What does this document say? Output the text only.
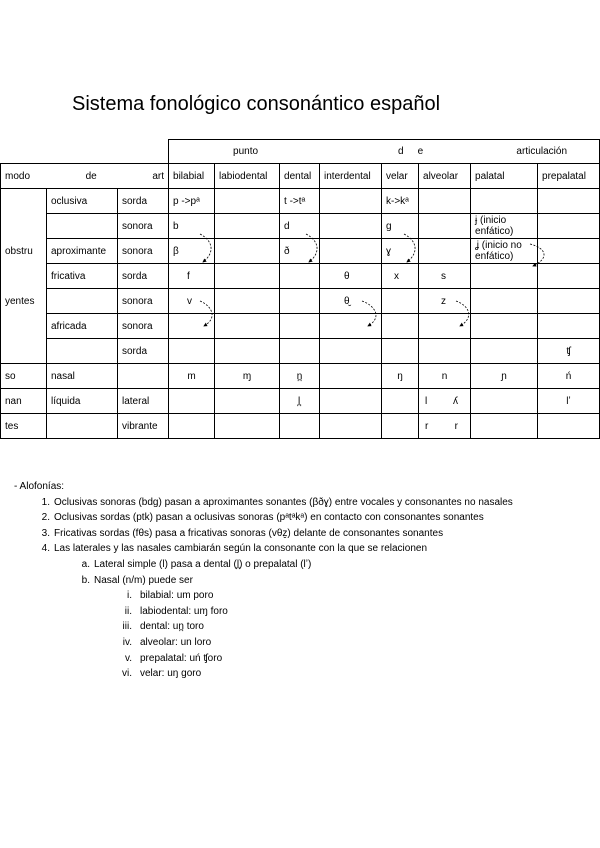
Sistema fonológico consonántico español

			punto d e articulación							

modo de art			bilabial	labiodental	dental	interdental	velar	alveolar	palatal	prepalatal
	oclusiva	sorda	p ->pᵃ		t ->tᵃ		k->kᵃ			
		sonora	b		d		g		ɉ (inicio enfático)	
obstru	aproximante	sonora	β		ð		ɣ		ʝ (inicio no enfático)	
	fricativa	sorda	f			θ	x	s		
yentes		sonora	v			θ̬		z		
	africada	sonora								
		sorda								ʧ
so	nasal		m	ɱ	n̪		ŋ	n	ɲ	ń
nan	líquida	lateral			l̪			l ʎ		lʼ
tes		vibrante						r r		

- Alofonías:
1. Oclusivas sonoras (bdg) pasan a aproximantes sonantes (βðɣ) entre vocales y consonantes no nasales
2. Oclusivas sordas (ptk) pasan a oclusivas sonoras (pᵃtᵃkᵃ) en contacto con consonantes sonantes
3. Fricativas sordas (fθs) pasa a fricativas sonoras (vθz̬) delante de consonantes sonantes
4. Las laterales y las nasales cambiarán según la consonante con la que se relacionen
a. Lateral simple (l) pasa a dental (l̪) o prepalatal (lʼ)
b. Nasal (n/m) puede ser
i. bilabial: um poro
ii. labiodental: uɱ foro
iii. dental: un̪ toro
iv. alveolar: un loro
v. prepalatal: uń ʧoro
vi. velar: uŋ goro
